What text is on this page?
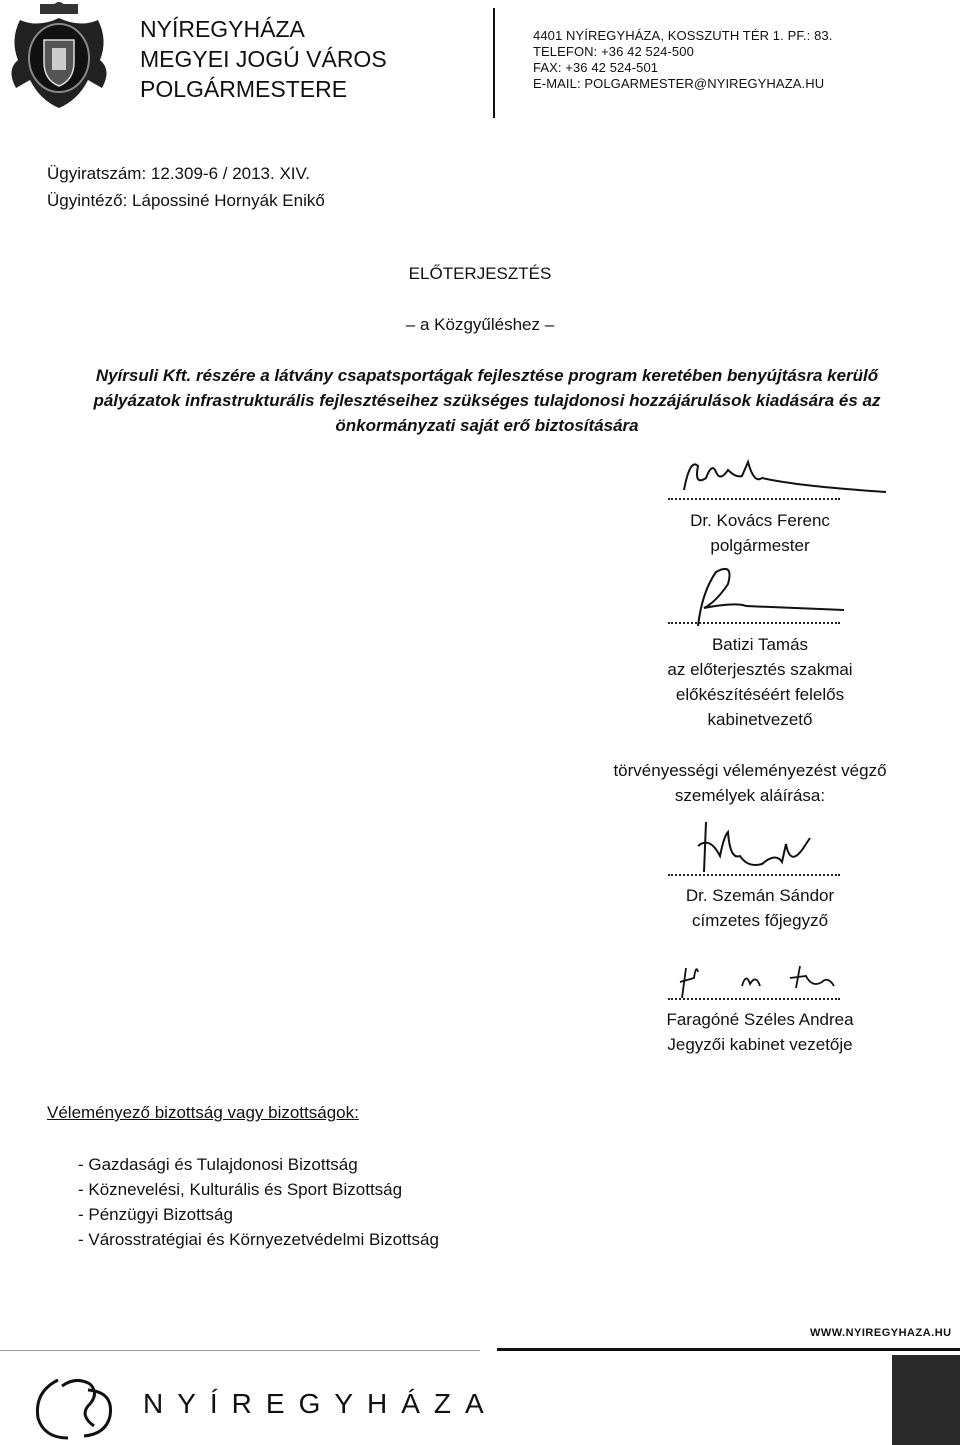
NYÍREGYHÁZA
MEGYEI JOGÚ VÁROS
POLGÁRMESTERE
4401 NYÍREGYHÁZA, KOSSZUTH TÉR 1. PF.: 83.
TELEFON: +36 42 524-500
FAX: +36 42 524-501
E-MAIL: POLGARMESTER@NYIREGYHAZA.HU
Ügyiratszám: 12.309-6 / 2013. XIV.
Ügyintéző: Lápossiné Hornyák Enikő
ELŐTERJESZTÉS
– a Közgyűléshez –
Nyírsuli Kft. részére a látvány csapatsportágak fejlesztése program keretében benyújtásra kerülő pályázatok infrastrukturális fejlesztéseihez szükséges tulajdonosi hozzájárulások kiadására és az önkormányzati saját erő biztosítására
Dr. Kovács Ferenc
polgármester
Batizi Tamás
az előterjesztés szakmai
előkészítéséért felelős
kabinetvezető
törvényességi véleményezést végző
személyek aláírása:
Dr. Szemán Sándor
címzetes főjegyző
Faragóné Széles Andrea
Jegyzői kabinet vezetője
Véleményező bizottság vagy bizottságok:
- Gazdasági és Tulajdonosi Bizottság
- Köznevelési, Kulturális és Sport Bizottság
- Pénzügyi Bizottság
- Városstratégiai és Környezetvédelmi Bizottság
WWW.NYIREGYHAZA.HU
NYÍREGYHÁZA
